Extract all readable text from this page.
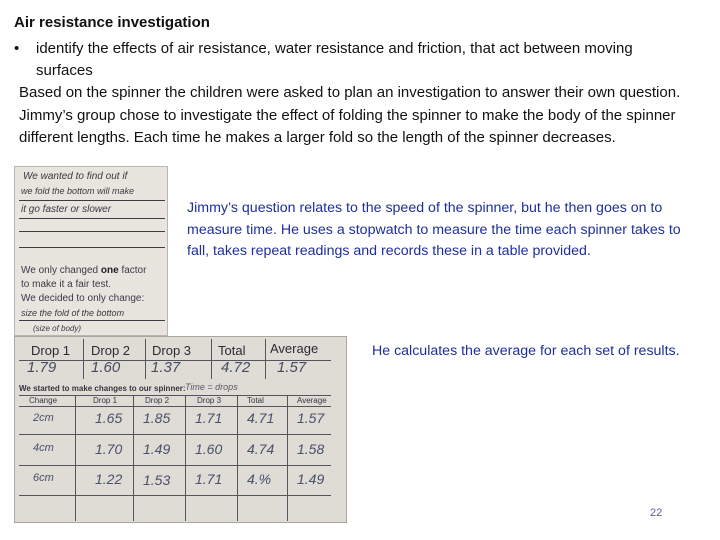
Air resistance investigation
• identify the effects of air resistance, water resistance and friction, that act between moving surfaces
Based on the spinner the children were asked to plan an investigation to answer their own question. Jimmy’s group chose to investigate the effect of folding the spinner to make the body of the spinner different lengths. Each time he makes a larger fold so the length of the spinner decreases.
We wanted to find out if
we fold the bottom will make
it go faster or slower
We only changed one factor
to make it a fair test.
We decided to only change:
size the fold of the bottom
(size of body)
Drop 1 Drop 2 Drop 3 Total Average
1.79 1.60 1.37	4.72 1.57
We started to make changes to our spinner: Time = drops
Change	Drop 1	Drop 2	Drop 3	Total	Average
2cm	1.65 1.85 1.71 4.71 1.57
4cm	1.70 1.49 1.60 4.74 1.58
6cm	1.22 1.53 1.71 4.% 1.49
Jimmy’s question relates to the speed of the spinner, but he then goes on to measure time. He uses a stopwatch to measure the time each spinner takes to fall, takes repeat readings and records these in a table provided.
He calculates the average for each set of results.
22
